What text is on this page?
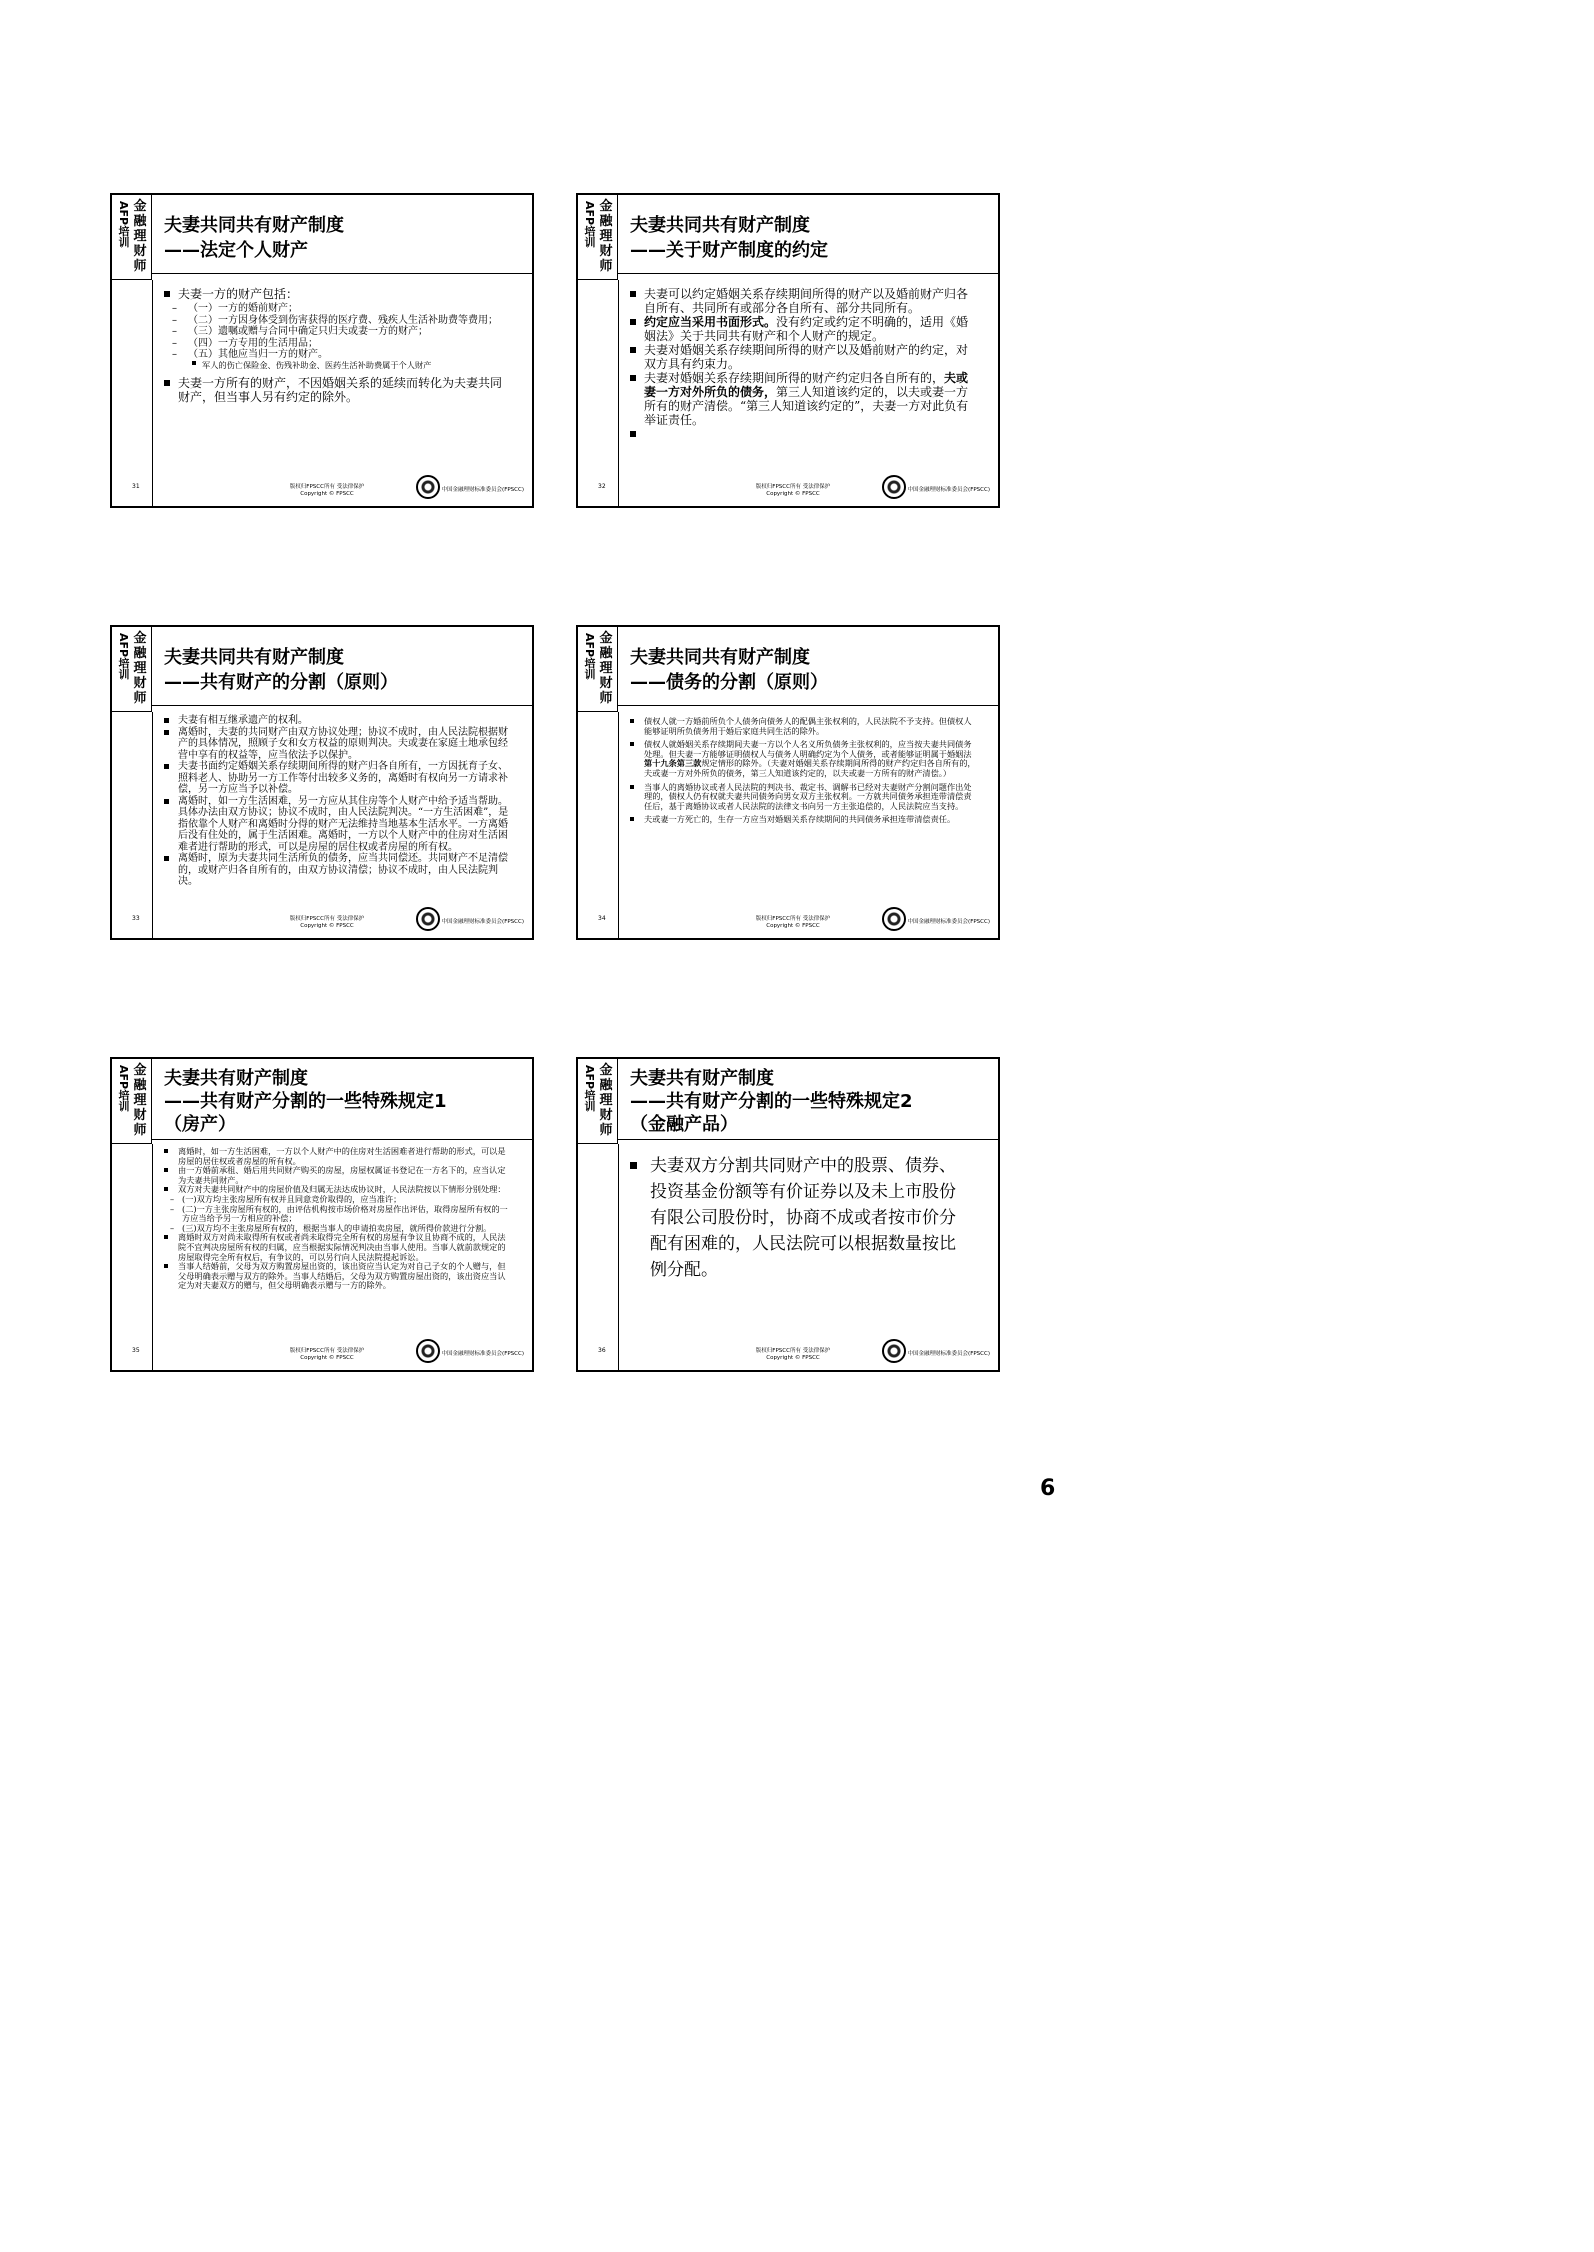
金融理财师
AFP培训 夫妻共同共有财产制度
——法定个人财产
夫妻一方的财产包括：
– （一）一方的婚前财产；
– （二）一方因身体受到伤害获得的医疗费、残疾人生活补助费等费用；
– （三）遗嘱或赠与合同中确定只归夫或妻一方的财产；
– （四）一方专用的生活用品；
– （五）其他应当归一方的财产。
军人的伤亡保险金、伤残补助金、医药生活补助费属于个人财产
夫妻一方所有的财产，不因婚姻关系的延续而转化为夫妻共同财产，但当事人另有约定的除外。
31	版权归FPSCC所有 受法律保护
Copyright © FPSCC
中国金融理财标准委员会(FPSCC)
金融理财师
AFP培训 夫妻共同共有财产制度
——关于财产制度的约定
夫妻可以约定婚姻关系存续期间所得的财产以及婚前财产归各自所有、共同所有或部分各自所有、部分共同所有。
约定应当采用书面形式。没有约定或约定不明确的，适用《婚姻法》关于共同共有财产和个人财产的规定。
夫妻对婚姻关系存续期间所得的财产以及婚前财产的约定，对双方具有约束力。
夫妻对婚姻关系存续期间所得的财产约定归各自所有的，夫或妻一方对外所负的债务，第三人知道该约定的，以夫或妻一方所有的财产清偿。“第三人知道该约定的”，夫妻一方对此负有举证责任。

32	版权归FPSCC所有 受法律保护
Copyright © FPSCC
中国金融理财标准委员会(FPSCC)
金融理财师
AFP培训 夫妻共同共有财产制度
——共有财产的分割（原则）
夫妻有相互继承遗产的权利。
离婚时，夫妻的共同财产由双方协议处理；协议不成时，由人民法院根据财产的具体情况，照顾子女和女方权益的原则判决。夫或妻在家庭土地承包经营中享有的权益等，应当依法予以保护。
夫妻书面约定婚姻关系存续期间所得的财产归各自所有，一方因抚育子女、照料老人、协助另一方工作等付出较多义务的，离婚时有权向另一方请求补偿，另一方应当予以补偿。
离婚时，如一方生活困难，另一方应从其住房等个人财产中给予适当帮助。具体办法由双方协议；协议不成时，由人民法院判决。“一方生活困难”，是指依靠个人财产和离婚时分得的财产无法维持当地基本生活水平。一方离婚后没有住处的，属于生活困难。离婚时，一方以个人财产中的住房对生活困难者进行帮助的形式，可以是房屋的居住权或者房屋的所有权。
离婚时，原为夫妻共同生活所负的债务，应当共同偿还。共同财产不足清偿的，或财产归各自所有的，由双方协议清偿；协议不成时，由人民法院判决。
33	版权归FPSCC所有 受法律保护
Copyright © FPSCC
中国金融理财标准委员会(FPSCC)
金融理财师
AFP培训 夫妻共同共有财产制度
——债务的分割（原则）
债权人就一方婚前所负个人债务向债务人的配偶主张权利的，人民法院不予支持。但债权人能够证明所负债务用于婚后家庭共同生活的除外。
债权人就婚姻关系存续期间夫妻一方以个人名义所负债务主张权利的，应当按夫妻共同债务处理。但夫妻一方能够证明债权人与债务人明确约定为个人债务，或者能够证明属于婚姻法第十九条第三款规定情形的除外。（夫妻对婚姻关系存续期间所得的财产约定归各自所有的，夫或妻一方对外所负的债务，第三人知道该约定的，以夫或妻一方所有的财产清偿。）
当事人的离婚协议或者人民法院的判决书、裁定书、调解书已经对夫妻财产分割问题作出处理的，债权人仍有权就夫妻共同债务向男女双方主张权利。一方就共同债务承担连带清偿责任后，基于离婚协议或者人民法院的法律文书向另一方主张追偿的，人民法院应当支持。
夫或妻一方死亡的，生存一方应当对婚姻关系存续期间的共同债务承担连带清偿责任。
34	版权归FPSCC所有 受法律保护
Copyright © FPSCC
中国金融理财标准委员会(FPSCC)
金融理财师
AFP培训 夫妻共有财产制度
——共有财产分割的一些特殊规定1
（房产）
离婚时，如一方生活困难，一方以个人财产中的住房对生活困难者进行帮助的形式，可以是房屋的居住权或者房屋的所有权。
由一方婚前承租、婚后用共同财产购买的房屋，房屋权属证书登记在一方名下的，应当认定为夫妻共同财产。
双方对夫妻共同财产中的房屋价值及归属无法达成协议时，人民法院按以下情形分别处理：
– (一)双方均主张房屋所有权并且同意竞价取得的，应当准许；
– (二)一方主张房屋所有权的，由评估机构按市场价格对房屋作出评估，取得房屋所有权的一方应当给予另一方相应的补偿；
– (三)双方均不主张房屋所有权的，根据当事人的申请拍卖房屋，就所得价款进行分割。
离婚时双方对尚未取得所有权或者尚未取得完全所有权的房屋有争议且协商不成的，人民法院不宜判决房屋所有权的归属，应当根据实际情况判决由当事人使用。当事人就前款规定的房屋取得完全所有权后，有争议的，可以另行向人民法院提起诉讼。
当事人结婚前，父母为双方购置房屋出资的，该出资应当认定为对自己子女的个人赠与，但父母明确表示赠与双方的除外。当事人结婚后，父母为双方购置房屋出资的，该出资应当认定为对夫妻双方的赠与，但父母明确表示赠与一方的除外。
35	版权归FPSCC所有 受法律保护
Copyright © FPSCC
中国金融理财标准委员会(FPSCC)
金融理财师
AFP培训 夫妻共有财产制度
——共有财产分割的一些特殊规定2
（金融产品）
夫妻双方分割共同财产中的股票、债券、投资基金份额等有价证券以及未上市股份有限公司股份时，协商不成或者按市价分配有困难的，人民法院可以根据数量按比例分配。
36	版权归FPSCC所有 受法律保护
Copyright © FPSCC
中国金融理财标准委员会(FPSCC)
6
